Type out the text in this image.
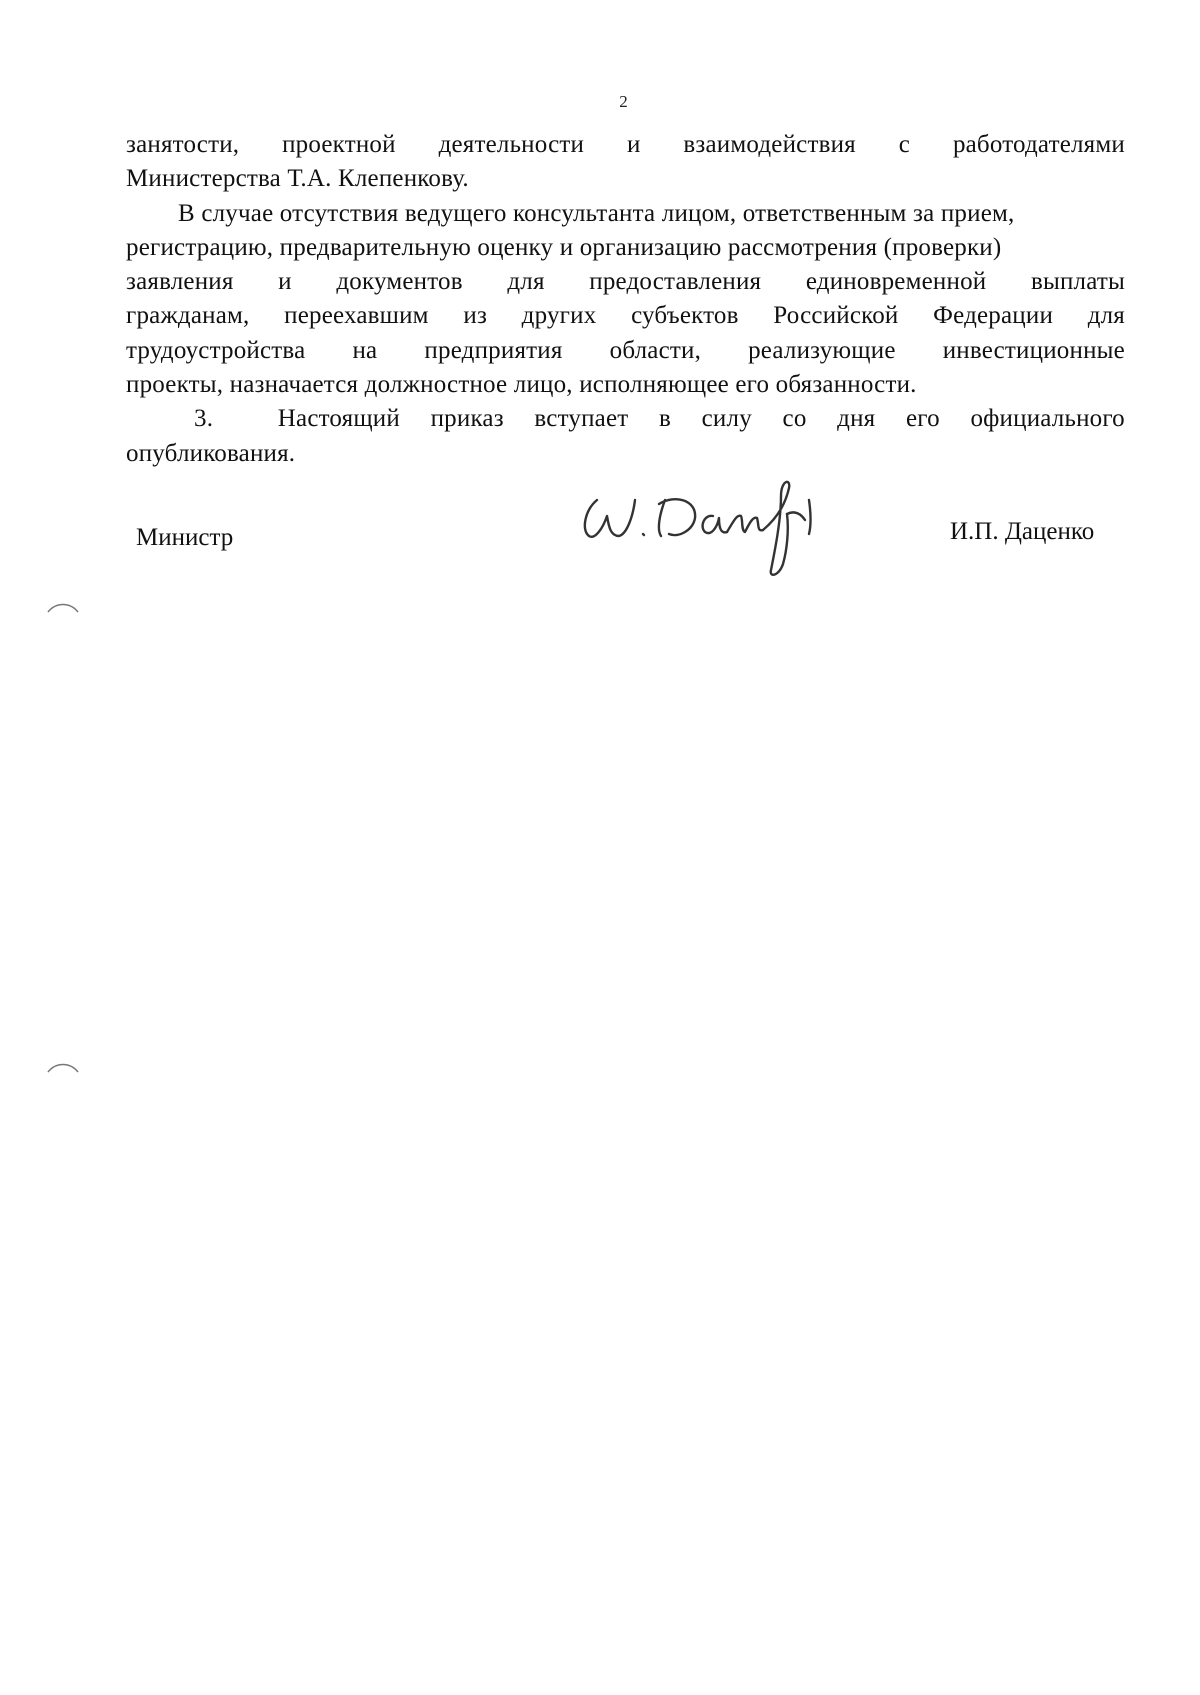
2

занятости, проектной деятельности и взаимодействия с работодателями
Министерства Т.А. Клепенкову.

В случае отсутствия ведущего консультанта лицом, ответственным за прием,
регистрацию, предварительную оценку и организацию рассмотрения (проверки)
заявления и документов для предоставления единовременной выплаты
гражданам, переехавшим из других субъектов Российской Федерации для
трудоустройства на предприятия области, реализующие инвестиционные
проекты, назначается должностное лицо, исполняющее его обязанности.

3.	Настоящий приказ вступает в силу со дня его официального
опубликования.

Министр	И.П. Даценко
